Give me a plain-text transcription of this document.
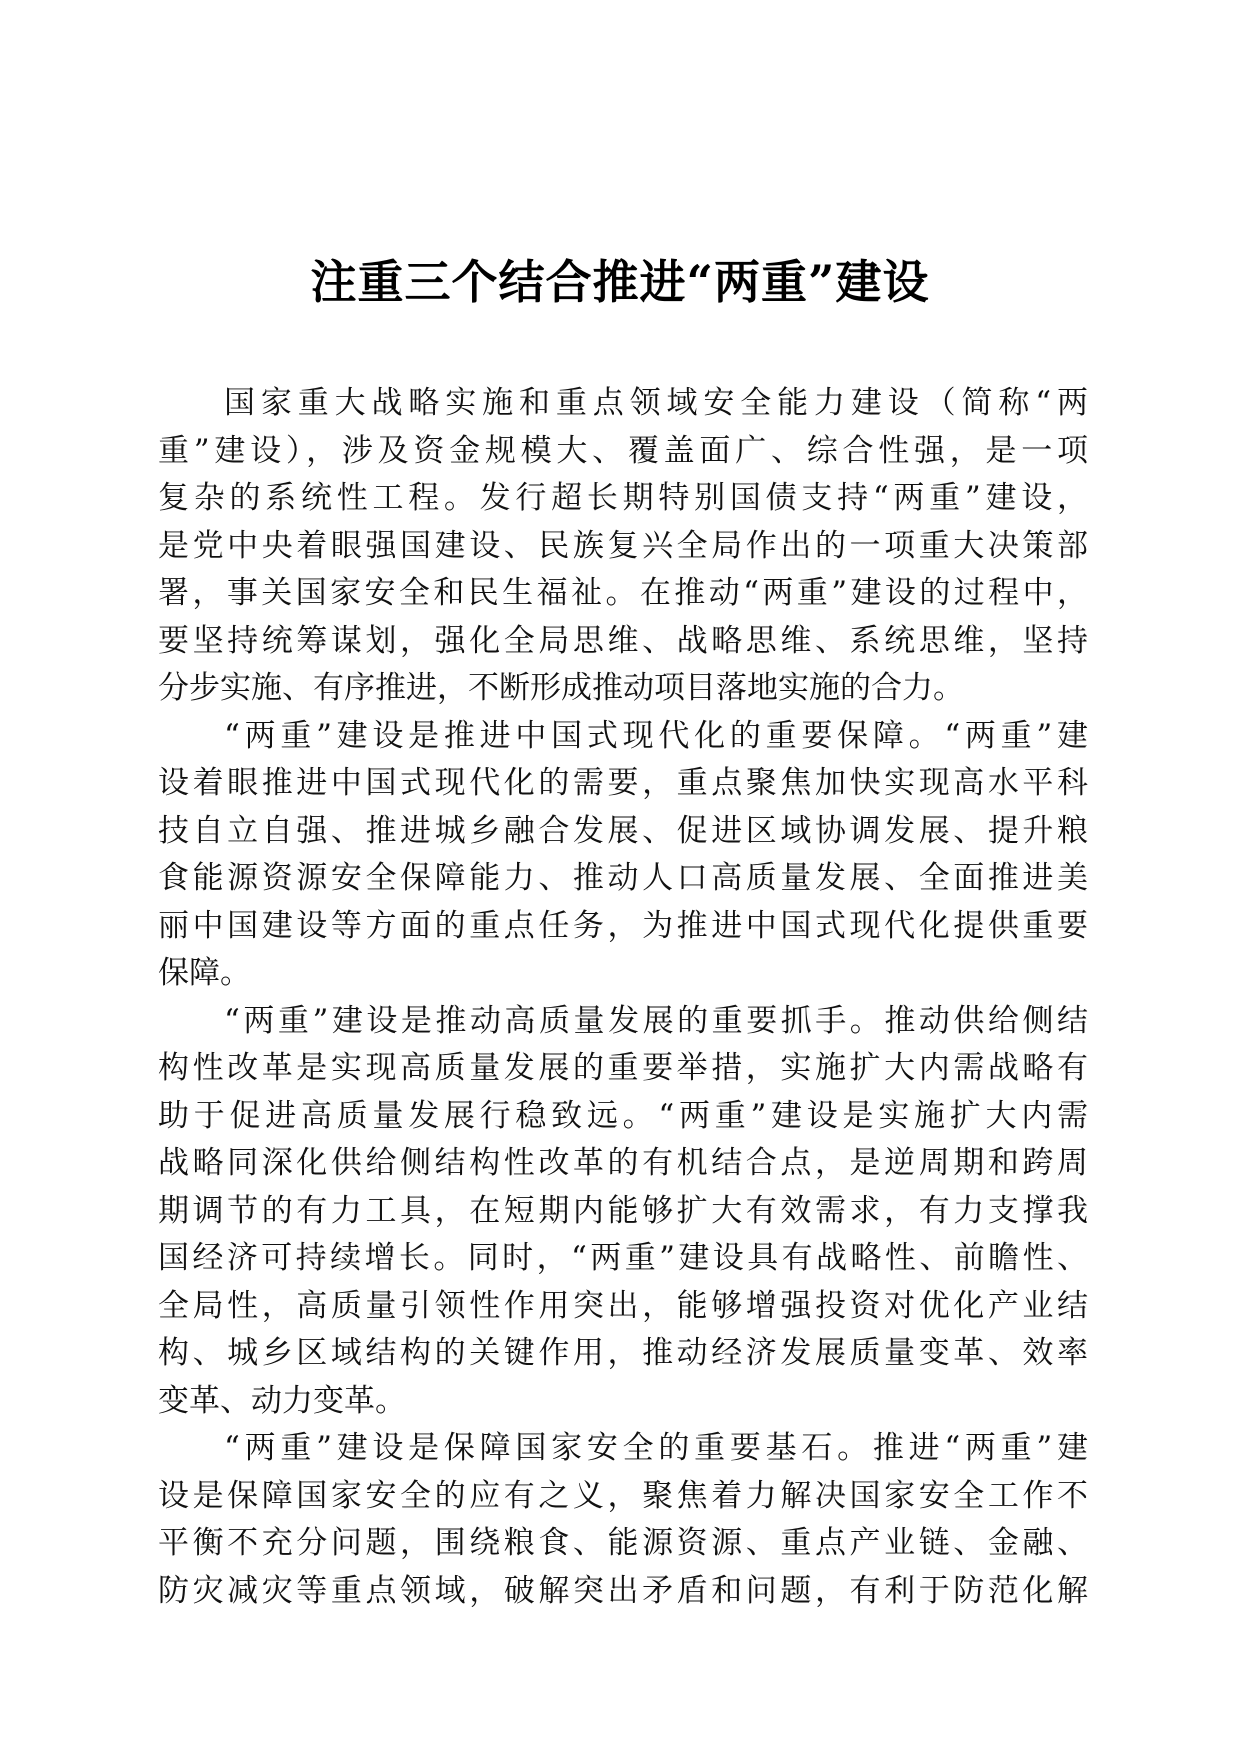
注重三个结合推进“两重”建设
国家重大战略实施和重点领域安全能力建设（简称“两
重”建设），涉及资金规模大、覆盖面广、综合性强，是一项
复杂的系统性工程。发行超长期特别国债支持“两重”建设，
是党中央着眼强国建设、民族复兴全局作出的一项重大决策部
署，事关国家安全和民生福祉。在推动“两重”建设的过程中，
要坚持统筹谋划，强化全局思维、战略思维、系统思维，坚持
分步实施、有序推进，不断形成推动项目落地实施的合力。
“两重”建设是推进中国式现代化的重要保障。“两重”建
设着眼推进中国式现代化的需要，重点聚焦加快实现高水平科
技自立自强、推进城乡融合发展、促进区域协调发展、提升粮
食能源资源安全保障能力、推动人口高质量发展、全面推进美
丽中国建设等方面的重点任务，为推进中国式现代化提供重要
保障。
“两重”建设是推动高质量发展的重要抓手。推动供给侧结
构性改革是实现高质量发展的重要举措，实施扩大内需战略有
助于促进高质量发展行稳致远。“两重”建设是实施扩大内需
战略同深化供给侧结构性改革的有机结合点，是逆周期和跨周
期调节的有力工具，在短期内能够扩大有效需求，有力支撑我
国经济可持续增长。同时，“两重”建设具有战略性、前瞻性、
全局性，高质量引领性作用突出，能够增强投资对优化产业结
构、城乡区域结构的关键作用，推动经济发展质量变革、效率
变革、动力变革。
“两重”建设是保障国家安全的重要基石。推进“两重”建
设是保障国家安全的应有之义，聚焦着力解决国家安全工作不
平衡不充分问题，围绕粮食、能源资源、重点产业链、金融、
防灾减灾等重点领域，破解突出矛盾和问题，有利于防范化解
